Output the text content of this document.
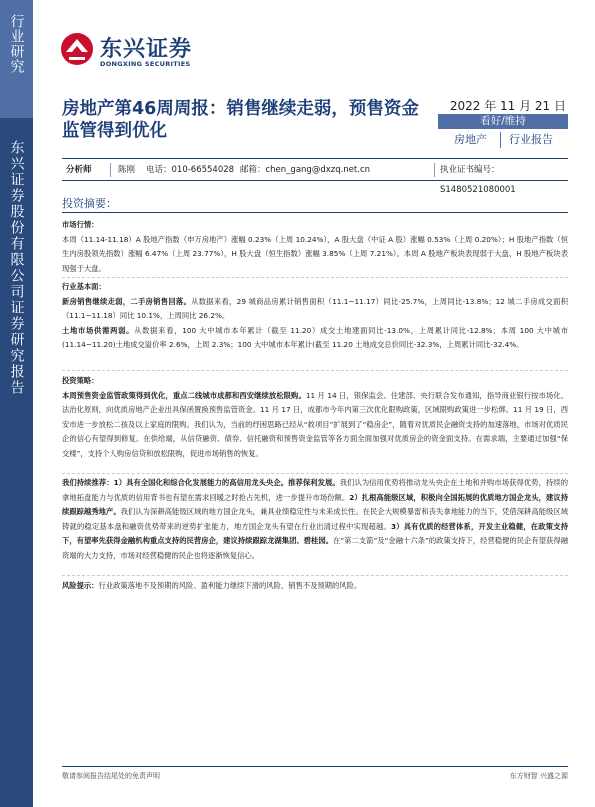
行业研究
东兴证券股份有限公司证券研究报告
东兴证券
DONGXING SECURITIES
房地产第46周周报：销售继续走弱，预售资金监管得到优化
2022 年 11 月 21 日
看好/维持
房地产	行业报告
分析师	陈刚 电话：010-66554028 邮箱：chen_gang@dxzq.net.cn	执业证书编号：S1480521080001
投资摘要：
市场行情：
本周（11.14-11.18）A 股地产指数（申万房地产）涨幅 0.23%（上周 10.24%），A 股大盘（中证 A 股）涨幅 0.53%（上周 0.20%）；H 股地产指数（恒生内房股领先指数）涨幅 6.47%（上周 23.77%），H 股大盘（恒生指数）涨幅 3.85%（上周 7.21%）。本周 A 股地产板块表现弱于大盘、H 股地产板块表现强于大盘。
行业基本面：
新房销售继续走弱，二手房销售回落。从数据来看，29 城商品房累计销售面积（11.1~11.17）同比-25.7%，上周同比-13.8%；12 城二手房成交面积（11.1~11.18）同比 10.1%，上周同比 26.2%。
土地市场供需两弱。从数据来看，100 大中城市本年累计（截至 11.20）成交土地建面同比-13.0%，上周累计同比-12.8%；本周 100 大中城市(11.14~11.20)土地成交溢价率 2.6%，上周 2.3%；100 大中城市本年累计(截至 11.20 土地成交总价同比-32.3%，上周累计同比-32.4%。
投资策略：
本周预售资金监管政策得到优化，重点二线城市成都和西安继续放松限购。11 月 14 日，银保监会、住建部、央行联合发布通知，指导商业银行按市场化、法治化原则，向优质房地产企业出具保函置换预售监管资金。11 月 17 日，成都市今年内第三次优化限购政策，区域限购政策进一步松绑。11 月 19 日，西安市进一步放松二孩及以上家庭的限购。我们认为，当前的纾困思路已经从“救项目”扩展到了“稳房企”，随着对优质民企融资支持的加速落地，市场对优质民企的信心有望得到修复。在供给端，从信贷融资、债券、信托融资和预售资金监管等各方面全面加强对优质房企的资金面支持。在需求端，主要通过加强“保交楼”，支持个人购房信贷和放松限购，促进市场销售的恢复。
我们持续推荐：1）具有全国化和综合化发展能力的高信用龙头央企。推荐保利发展。我们认为信用优势将推动龙头央企在土地和并购市场获得优势，持续的拿地拓盘能力与优质的信用背书也有望在需求回暖之时抢占先机，进一步提升市场份额。2）扎根高能级区域，积极向全国拓展的优质地方国企龙头，建议持续跟踪越秀地产。我们认为深耕高能级区域的地方国企龙头，兼具业绩稳定性与未来成长性。在民企大规模暴雷和丧失拿地能力的当下，凭借深耕高能级区域铸就的稳定基本盘和融资优势带来的逆势扩张能力，地方国企龙头有望在行业出清过程中实现超越。3）具有优质的经营体系，开发主业稳健，在政策支持下，有望率先获得金融机构重点支持的民营房企，建议持续跟踪龙湖集团、碧桂园。在“第二支箭”及“金融十六条”的政策支持下，经营稳健的民企有望获得融资端的大力支持，市场对经营稳健的民企也将逐渐恢复信心。
风险提示：行业政策落地不及预期的风险、盈利能力继续下滑的风险、销售不及预期的风险。
敬请参阅报告结尾处的免责声明	东方财智 兴盛之源
